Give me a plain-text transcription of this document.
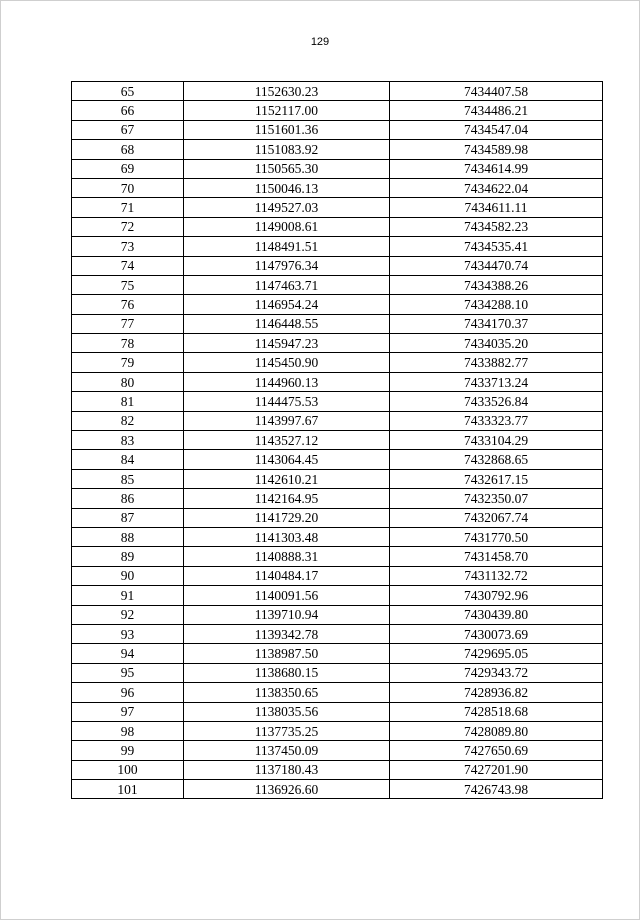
129
65	1152630.23	7434407.58
66	1152117.00	7434486.21
67	1151601.36	7434547.04
68	1151083.92	7434589.98
69	1150565.30	7434614.99
70	1150046.13	7434622.04
71	1149527.03	7434611.11
72	1149008.61	7434582.23
73	1148491.51	7434535.41
74	1147976.34	7434470.74
75	1147463.71	7434388.26
76	1146954.24	7434288.10
77	1146448.55	7434170.37
78	1145947.23	7434035.20
79	1145450.90	7433882.77
80	1144960.13	7433713.24
81	1144475.53	7433526.84
82	1143997.67	7433323.77
83	1143527.12	7433104.29
84	1143064.45	7432868.65
85	1142610.21	7432617.15
86	1142164.95	7432350.07
87	1141729.20	7432067.74
88	1141303.48	7431770.50
89	1140888.31	7431458.70
90	1140484.17	7431132.72
91	1140091.56	7430792.96
92	1139710.94	7430439.80
93	1139342.78	7430073.69
94	1138987.50	7429695.05
95	1138680.15	7429343.72
96	1138350.65	7428936.82
97	1138035.56	7428518.68
98	1137735.25	7428089.80
99	1137450.09	7427650.69
100	1137180.43	7427201.90
101	1136926.60	7426743.98
